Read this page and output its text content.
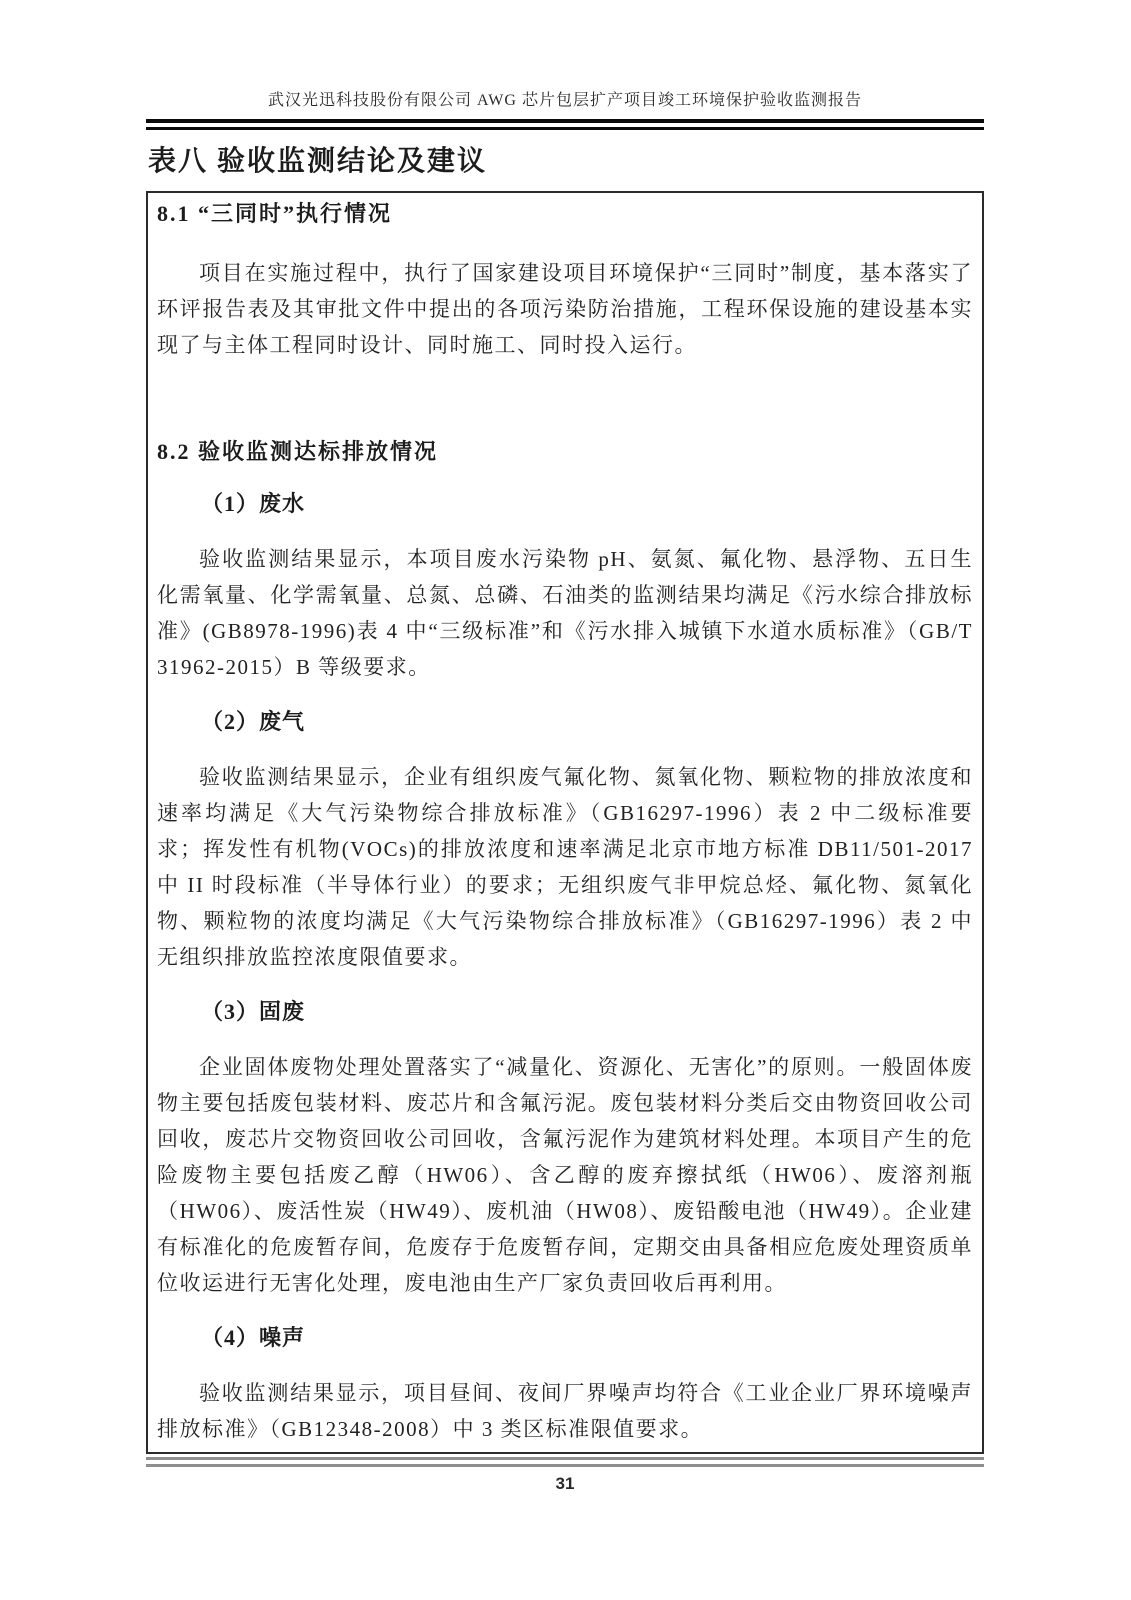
武汉光迅科技股份有限公司 AWG 芯片包层扩产项目竣工环境保护验收监测报告
表八 验收监测结论及建议
8.1 “三同时”执行情况

项目在实施过程中，执行了国家建设项目环境保护“三同时”制度，基本落实了环评报告表及其审批文件中提出的各项污染防治措施，工程环保设施的建设基本实现了与主体工程同时设计、同时施工、同时投入运行。

8.2 验收监测达标排放情况
（1）废水

验收监测结果显示，本项目废水污染物 pH、氨氮、氟化物、悬浮物、五日生化需氧量、化学需氧量、总氮、总磷、石油类的监测结果均满足《污水综合排放标准》(GB8978-1996)表 4 中“三级标准”和《污水排入城镇下水道水质标准》（GB/T 31962-2015）B 等级要求。

（2）废气

验收监测结果显示，企业有组织废气氟化物、氮氧化物、颗粒物的排放浓度和速率均满足《大气污染物综合排放标准》（GB16297-1996）表 2 中二级标准要求；挥发性有机物(VOCs)的排放浓度和速率满足北京市地方标准 DB11/501-2017 中 II 时段标准（半导体行业）的要求；无组织废气非甲烷总烃、氟化物、氮氧化物、颗粒物的浓度均满足《大气污染物综合排放标准》（GB16297-1996）表 2 中无组织排放监控浓度限值要求。

（3）固废

企业固体废物处理处置落实了“减量化、资源化、无害化”的原则。一般固体废物主要包括废包装材料、废芯片和含氟污泥。废包装材料分类后交由物资回收公司回收，废芯片交物资回收公司回收，含氟污泥作为建筑材料处理。本项目产生的危险废物主要包括废乙醇（HW06）、含乙醇的废弃擦拭纸（HW06）、废溶剂瓶（HW06）、废活性炭（HW49）、废机油（HW08）、废铅酸电池（HW49）。企业建有标准化的危废暂存间，危废存于危废暂存间，定期交由具备相应危废处理资质单位收运进行无害化处理，废电池由生产厂家负责回收后再利用。

（4）噪声

验收监测结果显示，项目昼间、夜间厂界噪声均符合《工业企业厂界环境噪声排放标准》（GB12348-2008）中 3 类区标准限值要求。

31
